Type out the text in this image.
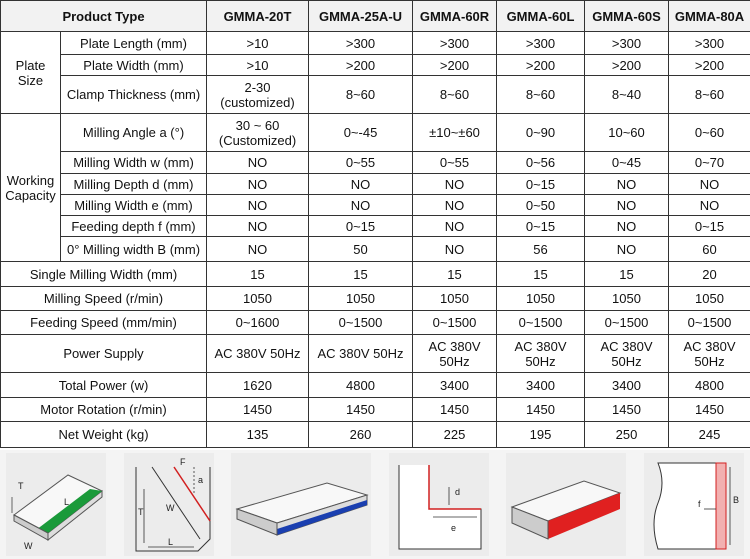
Product Type		GMMA-20T	GMMA-25A-U	GMMA-60R	GMMA-60L	GMMA-60S	GMMA-80A
Plate Size	Plate Length (mm)	>10	>300	>300	>300	>300	>300
	Plate Width (mm)	>10	>200	>200	>200	>200	>200
	Clamp Thickness (mm)	2-30 (customized)	8~60	8~60	8~60	8~40	8~60
Working Capacity	Milling Angle a (°)	30 ~ 60 (Customized)	0~-45	±10~±60	0~90	10~60	0~60
	Milling Width w (mm)	NO	0~55	0~55	0~56	0~45	0~70
	Milling Depth d (mm)	NO	NO	NO	0~15	NO	NO
	Milling Width e (mm)	NO	NO	NO	0~50	NO	NO
	Feeding depth f (mm)	NO	0~15	NO	0~15	NO	0~15
	0° Milling width B (mm)	NO	50	NO	56	NO	60
Single Milling Width (mm)		15	15	15	15	15	20
Milling Speed (r/min)		1050	1050	1050	1050	1050	1050
Feeding Speed (mm/min)		0~1600	0~1500	0~1500	0~1500	0~1500	0~1500
Power Supply		AC 380V 50Hz	AC 380V 50Hz	AC 380V 50Hz	AC 380V 50Hz	AC 380V 50Hz	AC 380V 50Hz
Total Power (w)		1620	4800	3400	3400	3400	4800
Motor Rotation (r/min)		1450	1450	1450	1450	1450	1450
Net Weight (kg)		135	260	225	195	250	245
T
L
W
F
a
T	W
L
d
e
f	B
